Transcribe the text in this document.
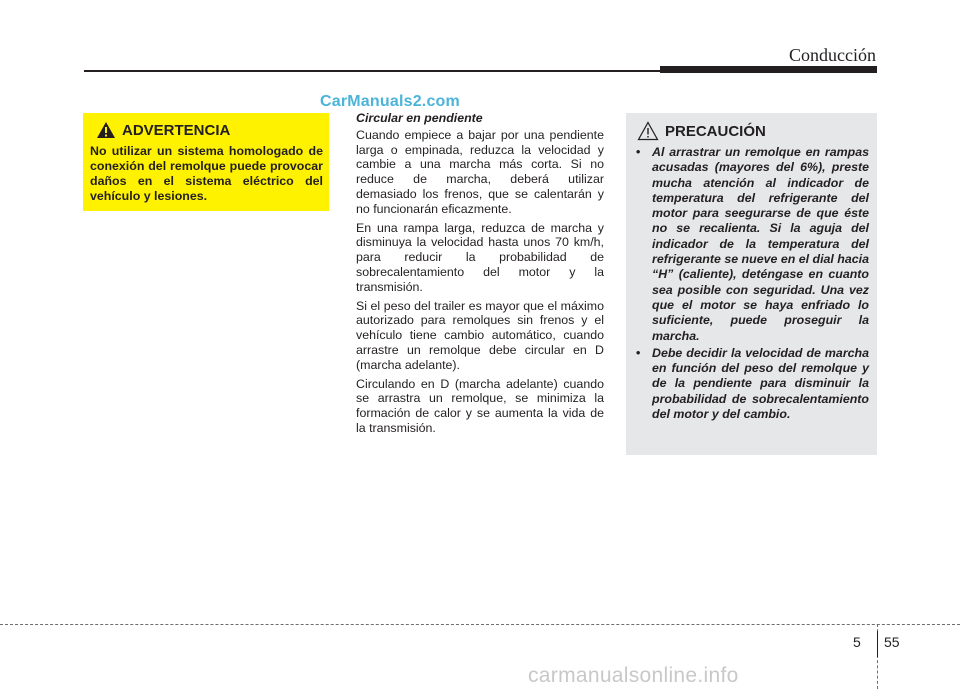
Conducción
CarManuals2.com
ADVERTENCIA
No utilizar un sistema homologado de conexión del remolque puede provocar daños en el sistema eléctrico del vehículo y lesiones.
Circular en pendiente

Cuando empiece a bajar por una pendiente larga o empinada, reduzca la velocidad y cambie a una marcha más corta. Si no reduce de marcha, deberá utilizar demasiado los frenos, que se calentarán y no funcionarán eficazmente.

En una rampa larga, reduzca de marcha y disminuya la velocidad hasta unos 70 km/h, para reducir la probabilidad de sobrecalentamiento del motor y la transmisión.

Si el peso del trailer es mayor que el máximo autorizado para remolques sin frenos y el vehículo tiene cambio automático, cuando arrastre un remolque debe circular en D (marcha adelante).

Circulando en D (marcha adelante) cuando se arrastra un remolque, se minimiza la formación de calor y se aumenta la vida de la transmisión.

PRECAUCIÓN
• Al arrastrar un remolque en rampas acusadas (mayores del 6%), preste mucha atención al indicador de temperatura del refrigerante del motor para seegurarse de que éste no se recalienta. Si la aguja del indicador de la temperatura del refrigerante se nueve en el dial hacia “H” (caliente), deténgase en cuanto sea posible con seguridad. Una vez que el motor se haya enfriado lo suficiente, puede proseguir la marcha.
• Debe decidir la velocidad de marcha en función del peso del remolque y de la pendiente para disminuir la probabilidad de sobrecalentamiento del motor y del cambio.
5 55
carmanualsonline.info
